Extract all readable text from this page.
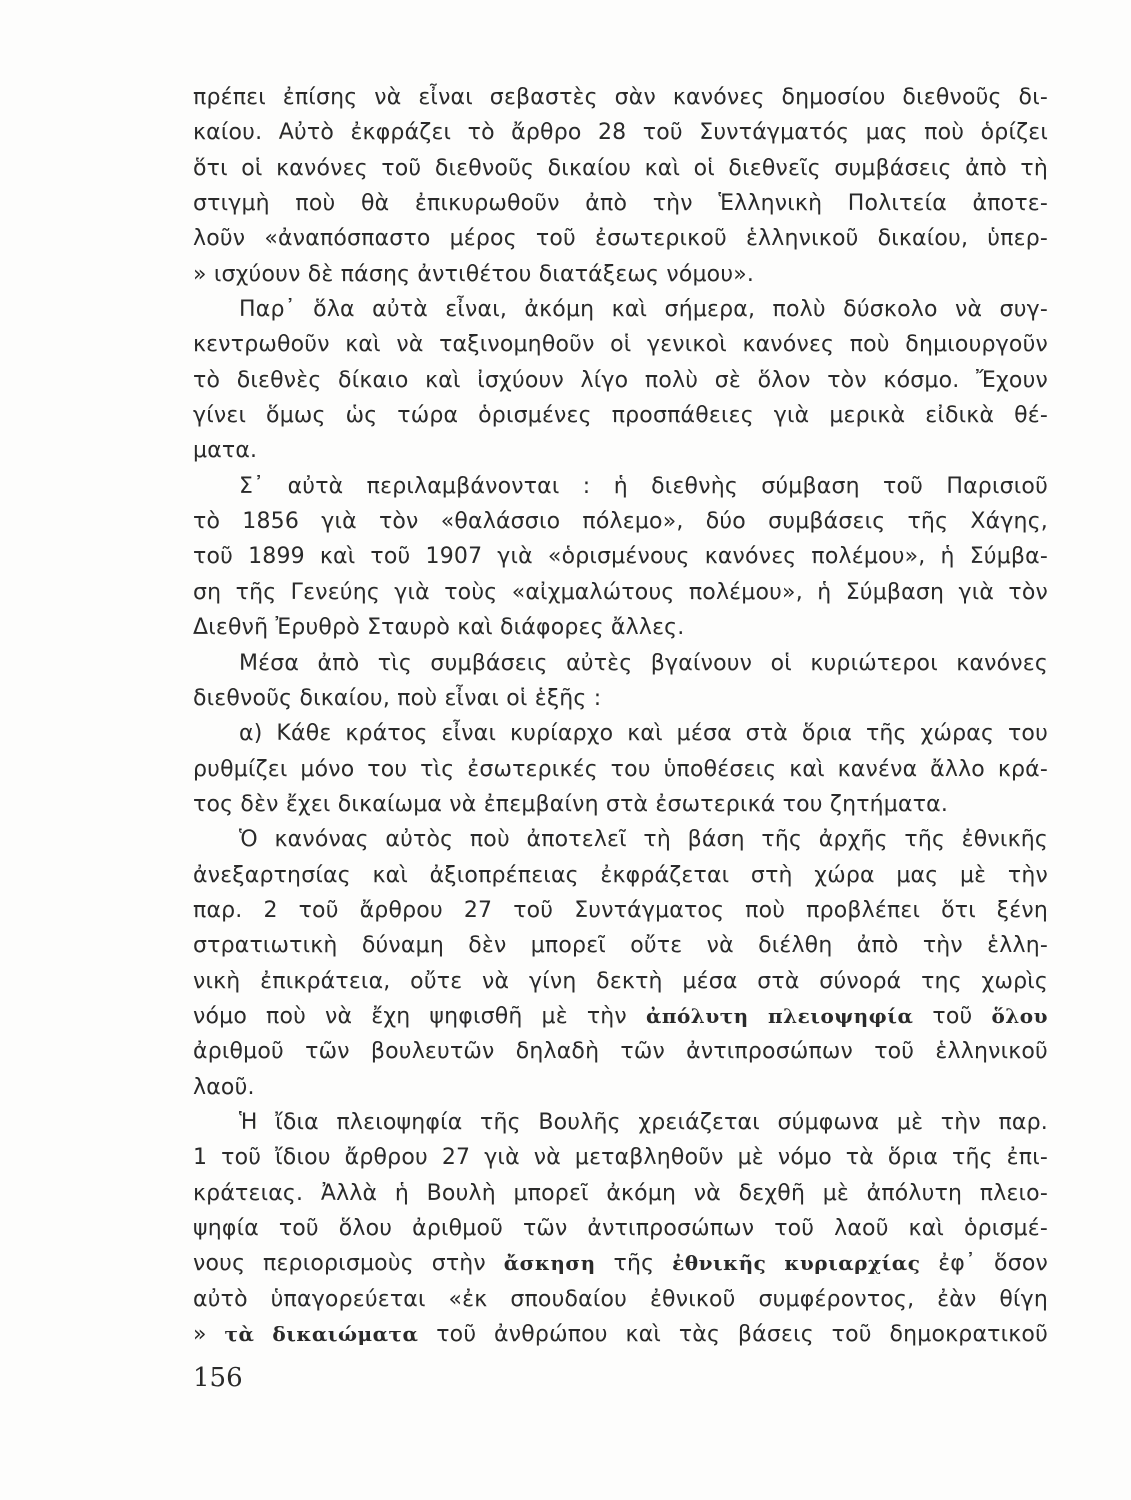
πρέπει ἐπίσης νὰ εἶναι σεβαστὲς σὰν κανόνες δημοσίου διεθνοῦς δι-
καίου. Αὐτὸ ἐκφράζει τὸ ἄρθρο 28 τοῦ Συντάγματός μας ποὺ ὁρίζει
ὅτι οἱ κανόνες τοῦ διεθνοῦς δικαίου καὶ οἱ διεθνεῖς συμβάσεις ἀπὸ τὴ
στιγμὴ ποὺ θὰ ἐπικυρωθοῦν ἀπὸ τὴν Ἑλληνικὴ Πολιτεία ἀποτε-
λοῦν «ἀναπόσπαστο μέρος τοῦ ἐσωτερικοῦ ἑλληνικοῦ δικαίου, ὑπερ-
» ισχύουν δὲ πάσης ἀντιθέτου διατάξεως νόμου».
Παρ᾽ ὅλα αὐτὰ εἶναι, ἀκόμη καὶ σήμερα, πολὺ δύσκολο νὰ συγ-
κεντρωθοῦν καὶ νὰ ταξινομηθοῦν οἱ γενικοὶ κανόνες ποὺ δημιουργοῦν
τὸ διεθνὲς δίκαιο καὶ ἰσχύουν λίγο πολὺ σὲ ὅλον τὸν κόσμο. Ἔχουν
γίνει ὅμως ὡς τώρα ὁρισμένες προσπάθειες γιὰ μερικὰ εἰδικὰ θέ-
ματα.
Σ᾽ αὐτὰ περιλαμβάνονται : ἡ διεθνὴς σύμβαση τοῦ Παρισιοῦ
τὸ 1856 γιὰ τὸν «θαλάσσιο πόλεμο», δύο συμβάσεις τῆς Χάγης,
τοῦ 1899 καὶ τοῦ 1907 γιὰ «ὁρισμένους κανόνες πολέμου», ἡ Σύμβα-
ση τῆς Γενεύης γιὰ τοὺς «αἰχμαλώτους πολέμου», ἡ Σύμβαση γιὰ τὸν
Διεθνῆ Ἐρυθρὸ Σταυρὸ καὶ διάφορες ἄλλες.
Μέσα ἀπὸ τὶς συμβάσεις αὐτὲς βγαίνουν οἱ κυριώτεροι κανόνες
διεθνοῦς δικαίου, ποὺ εἶναι οἱ ἑξῆς :
α) Κάθε κράτος εἶναι κυρίαρχο καὶ μέσα στὰ ὅρια τῆς χώρας του
ρυθμίζει μόνο του τὶς ἐσωτερικές του ὑποθέσεις καὶ κανένα ἄλλο κρά-
τος δὲν ἔχει δικαίωμα νὰ ἐπεμβαίνη στὰ ἐσωτερικά του ζητήματα.
Ὁ κανόνας αὐτὸς ποὺ ἀποτελεῖ τὴ βάση τῆς ἀρχῆς τῆς ἐθνικῆς
ἀνεξαρτησίας καὶ ἀξιοπρέπειας ἐκφράζεται στὴ χώρα μας μὲ τὴν
παρ. 2 τοῦ ἄρθρου 27 τοῦ Συντάγματος ποὺ προβλέπει ὅτι ξένη
στρατιωτικὴ δύναμη δὲν μπορεῖ οὔτε νὰ διέλθη ἀπὸ τὴν ἑλλη-
νικὴ ἐπικράτεια, οὔτε νὰ γίνη δεκτὴ μέσα στὰ σύνορά της χωρὶς
νόμο ποὺ νὰ ἔχη ψηφισθῆ μὲ τὴν ἀπόλυτη πλειοψηφία τοῦ ὅλου
ἀριθμοῦ τῶν βουλευτῶν δηλαδὴ τῶν ἀντιπροσώπων τοῦ ἑλληνικοῦ
λαοῦ.
Ἡ ἴδια πλειοψηφία τῆς Βουλῆς χρειάζεται σύμφωνα μὲ τὴν παρ.
1 τοῦ ἴδιου ἄρθρου 27 γιὰ νὰ μεταβληθοῦν μὲ νόμο τὰ ὅρια τῆς ἐπι-
κράτειας. Ἀλλὰ ἡ Βουλὴ μπορεῖ ἀκόμη νὰ δεχθῆ μὲ ἀπόλυτη πλειο-
ψηφία τοῦ ὅλου ἀριθμοῦ τῶν ἀντιπροσώπων τοῦ λαοῦ καὶ ὁρισμέ-
νους περιορισμοὺς στὴν ἄσκηση τῆς ἐθνικῆς κυριαρχίας ἐφ᾽ ὅσον
αὐτὸ ὑπαγορεύεται «ἐκ σπουδαίου ἐθνικοῦ συμφέροντος, ἐὰν θίγη
» τὰ δικαιώματα τοῦ ἀνθρώπου καὶ τὰς βάσεις τοῦ δημοκρατικοῦ
156
